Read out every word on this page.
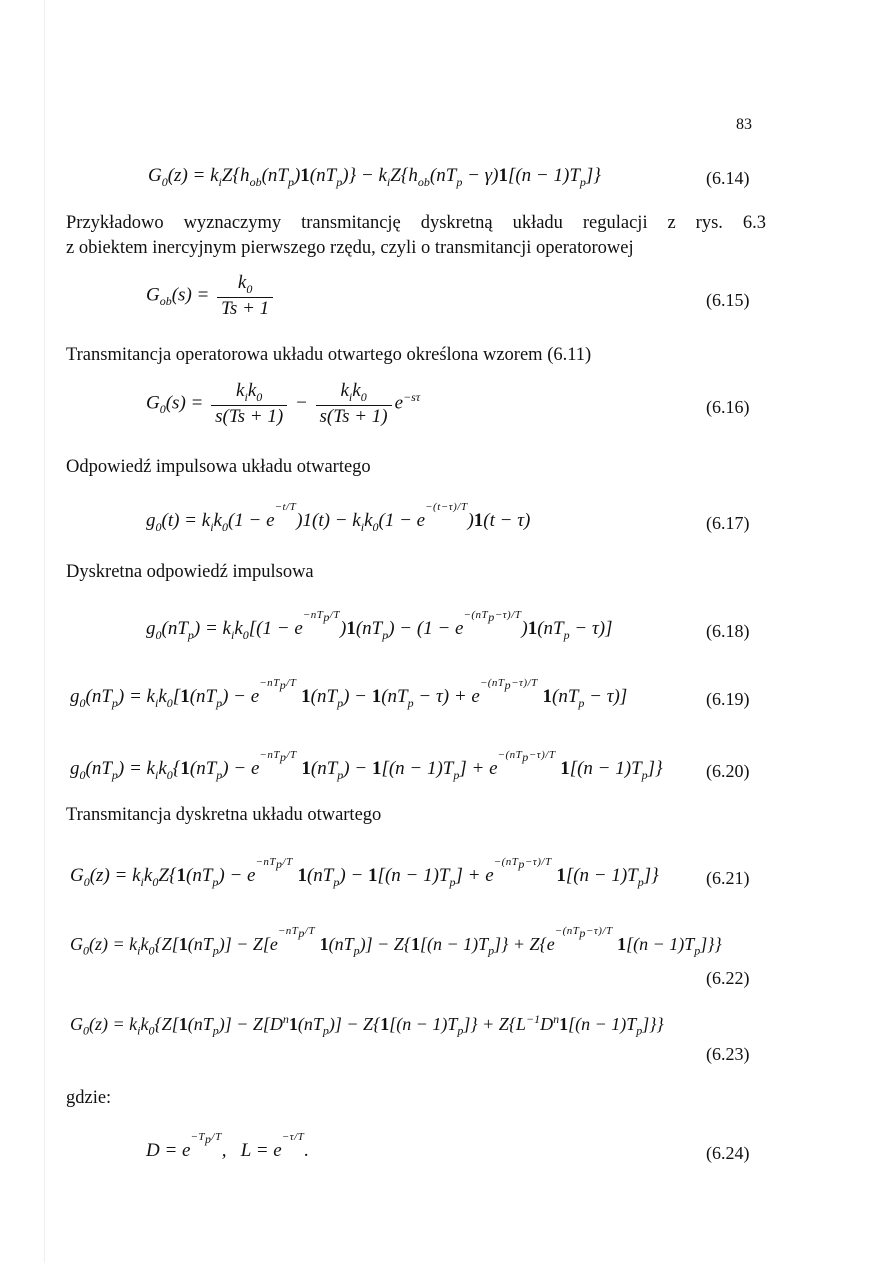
83
$G_0(z) = k_iZ\{h_{ob}(nT_p)1(nT_p)\} - k_iZ\{h_{ob}(nT_p - \gamma)1[(n - 1)T_p]\}$	(6.14)
Przykładowo wyznaczymy transmitancję dyskretną układu regulacji z rys. 6.3
z obiektem inercyjnym pierwszego rzędu, czyli o transmitancji operatorowej
$G_{ob}(s) = \frac{k_0}{Ts + 1}$	(6.15)
Transmitancja operatorowa układu otwartego określona wzorem (6.11)
$G_0(s) = \frac{k_ik_0}{s(Ts + 1)} - \frac{k_ik_0}{s(Ts + 1)} e^{-s\tau}$
(6.16)
Odpowiedź impulsowa układu otwartego
$g_0(t) = k_ik_0(1 - e^{-t/T})1(t) - k_ik_0(1 - e^{-(t-\tau)/T})1(t - \tau)$	(6.17)
Dyskretna odpowiedź impulsowa
$g_0(nT_p) = k_ik_0[(1 - e^{-nT_p/T})1(nT_p) - (1 - e^{-(nT_p-\tau)/T})1(nT_p - \tau)]$	(6.18)
$g_0(nT_p) = k_ik_0[1(nT_p) - e^{-nT_p/T}$ $1(nT_p) - 1(nT_p - \tau) + e^{-(nT_p-\tau)/T}$ $1(nT_p - \tau)$]	(6.19)
$g_0(nT_p) = k_ik_0\{1(nT_p) - e^{-nT_p/T}$ $1(nT_p) - 1[(n - 1)T_p] + e^{-(nT_p-\tau)/T}$ $1[(n - 1)T_p]$} (6.20)
Transmitancja dyskretna układu otwartego
$G_0(z) = k_ik_0Z\{1(nT_p) - e^{-nT_p/T}$ $1(nT_p) - 1[(n - 1)T_p] + e^{-(nT_p-\tau)/T}$ $1[(n - 1)T_p]$}	(6.21)
$G_0(z) = k_ik_0\{Z[1(nT_p)] - Z[e^{-nT_p/T}$ $1(nT_p)] - Z\{1[(n - 1)T_p]\} + Z\{e^{-(nT_p-\tau)/T}$ $1[(n - 1)T_p]$}}
(6.22)
$G_0(z) = k_ik_0\{Z[1(nT_p)] - Z[D^n1(nT_p)] - Z\{1[(n - 1)T_p]\} + Z\{L^{-1}D^n1[(n - 1)T_p]\}\}$
(6.23)
gdzie:
$D = e^{-T_p/T}$,   $L = e^{-\tau/T}$.	(6.24)
